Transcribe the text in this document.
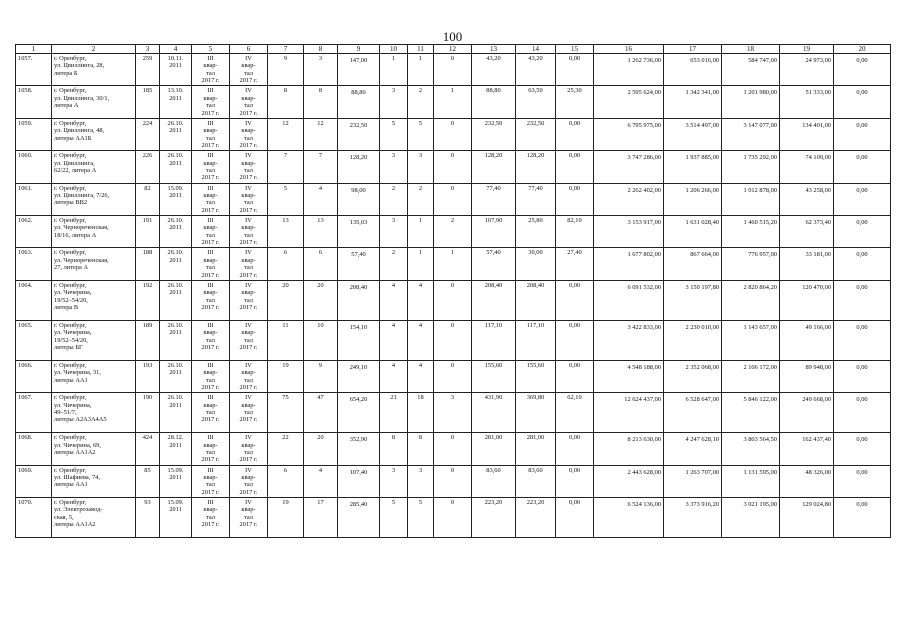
100
1	2	3	4	5	6	7	8	9	10	11	12	13	14	15	16	17	18	19	20
1057.	г. Оренбург,
ул. Цвиллинга, 28,
литера Б	259	10.11.
2011	III
квар-
тал
2017 г.	IV
квар-
тал
2017 г.	9	3	147,00	1	1	0	43,20	43,20	0,00	1 262 736,00	653 016,00	584 747,00	24 973,00	0,00
1058.	г. Оренбург,
ул. Цвиллинга, 30/1,
литера А	185	13.10.
2011	III
квар-
тал
2017 г.	IV
квар-
тал
2017 г.	8	8	88,80	3	2	1	88,80	63,50	25,30	2 595 624,00	1 342 341,00	1 201 980,00	51 333,00	0,00
1059.	г. Оренбург,
ул. Цвиллинга, 48,
литеры АА1Б	224	26.10.
2011	III
квар-
тал
2017 г.	IV
квар-
тал
2017 г.	12	12	232,50	5	5	0	232,50	232,50	0,00	6 795 975,00	3 514 497,00	3 147 077,00	134 401,00	0,00
1060.	г. Оренбург,
ул. Цвиллинга,
62/22, литера А	226	26.10.
2011	III
квар-
тал
2017 г.	IV
квар-
тал
2017 г.	7	7	128,20	3	3	0	128,20	128,20	0,00	3 747 286,00	1 937 885,00	1 735 292,00	74 109,00	0,00
1061.	г. Оренбург,
ул. Цвиллинга, 7/26,
литеры ВВ2	82	15.09.
2011	III
квар-
тал
2017 г.	IV
квар-
тал
2017 г.	5	4	98,00	2	2	0	77,40	77,40	0,00	2 262 402,00	1 206 266,00	1 012 878,00	43 258,00	0,00
1062.	г. Оренбург,
ул. Чернореченская,
18/16, литера А	191	26.10.
2011	III
квар-
тал
2017 г.	IV
квар-
тал
2017 г.	13	13	135,03	3	1	2	107,90	25,80	82,10	3 153 917,00	1 631 028,40	1 460 515,20	62 373,40	0,00
1063.	г. Оренбург,
ул. Чернореченская,
27, литера А	188	26.10.
2011	III
квар-
тал
2017 г.	IV
квар-
тал
2017 г.	6	6	57,40	2	1	1	57,40	30,00	27,40	1 677 802,00	867 664,00	776 957,00	33 181,00	0,00
1064.	г. Оренбург,
ул. Чичерина,
19/52–54/20,
литера В	192	26.10.
2011	III
квар-
тал
2017 г.	IV
квар-
тал
2017 г.	20	20	208,40	4	4	0	208,40	208,40	0,00	6 091 532,00	3 150 197,80	2 820 864,20	120 470,00	0,00
1065.	г. Оренбург,
ул. Чичерина,
19/52–54/20,
литеры БГ	189	26.10.
2011	III
квар-
тал
2017 г.	IV
квар-
тал
2017 г.	11	10	154,10	4	4	0	117,10	117,10	0,00	3 422 833,00	2 230 010,00	1 143 657,00	49 166,00	0,00
1066.	г. Оренбург,
ул. Чичерина, 31,
литеры АА1	193	26.10.
2011	III
квар-
тал
2017 г.	IV
квар-
тал
2017 г.	19	9	249,10	4	4	0	155,60	155,60	0,00	4 548 188,00	2 352 068,00	2 106 172,00	89 948,00	0,00
1067.	г. Оренбург,
ул. Чичерина,
49–51/7,
литеры А2А3А4А5	190	26.10.
2011	III
квар-
тал
2017 г.	IV
квар-
тал
2017 г.	75	47	654,20	21	18	3	431,90	369,80	62,10	12 624 437,00	6 528 647,00	5 846 122,00	249 668,00	0,00
1068.	г. Оренбург,
ул. Чичерина, 69,
литеры АА1А2	424	28.12.
2011	III
квар-
тал
2017 г.	IV
квар-
тал
2017 г.	22	20	352,90	8	8	0	281,00	281,00	0,00	8 213 630,00	4 247 628,10	3 803 564,50	162 437,40	0,00
1069.	г. Оренбург,
ул. Шафиева, 74,
литеры АА1	85	15.09.
2011	III
квар-
тал
2017 г.	IV
квар-
тал
2017 г.	6	4	107,40	3	3	0	83,60	83,60	0,00	2 443 628,00	1 263 707,00	1 131 595,00	48 326,00	0,00
1070.	г. Оренбург,
ул. Электрозавод-
ская, 5,
литеры АА1А2	93	15.09.
2011	III
квар-
тал
2017 г.	IV
квар-
тал
2017 г.	19	17	285,40	5	5	0	223,20	223,20	0,00	6 524 136,00	3 373 916,20	3 021 195,00	129 024,80	0,00
